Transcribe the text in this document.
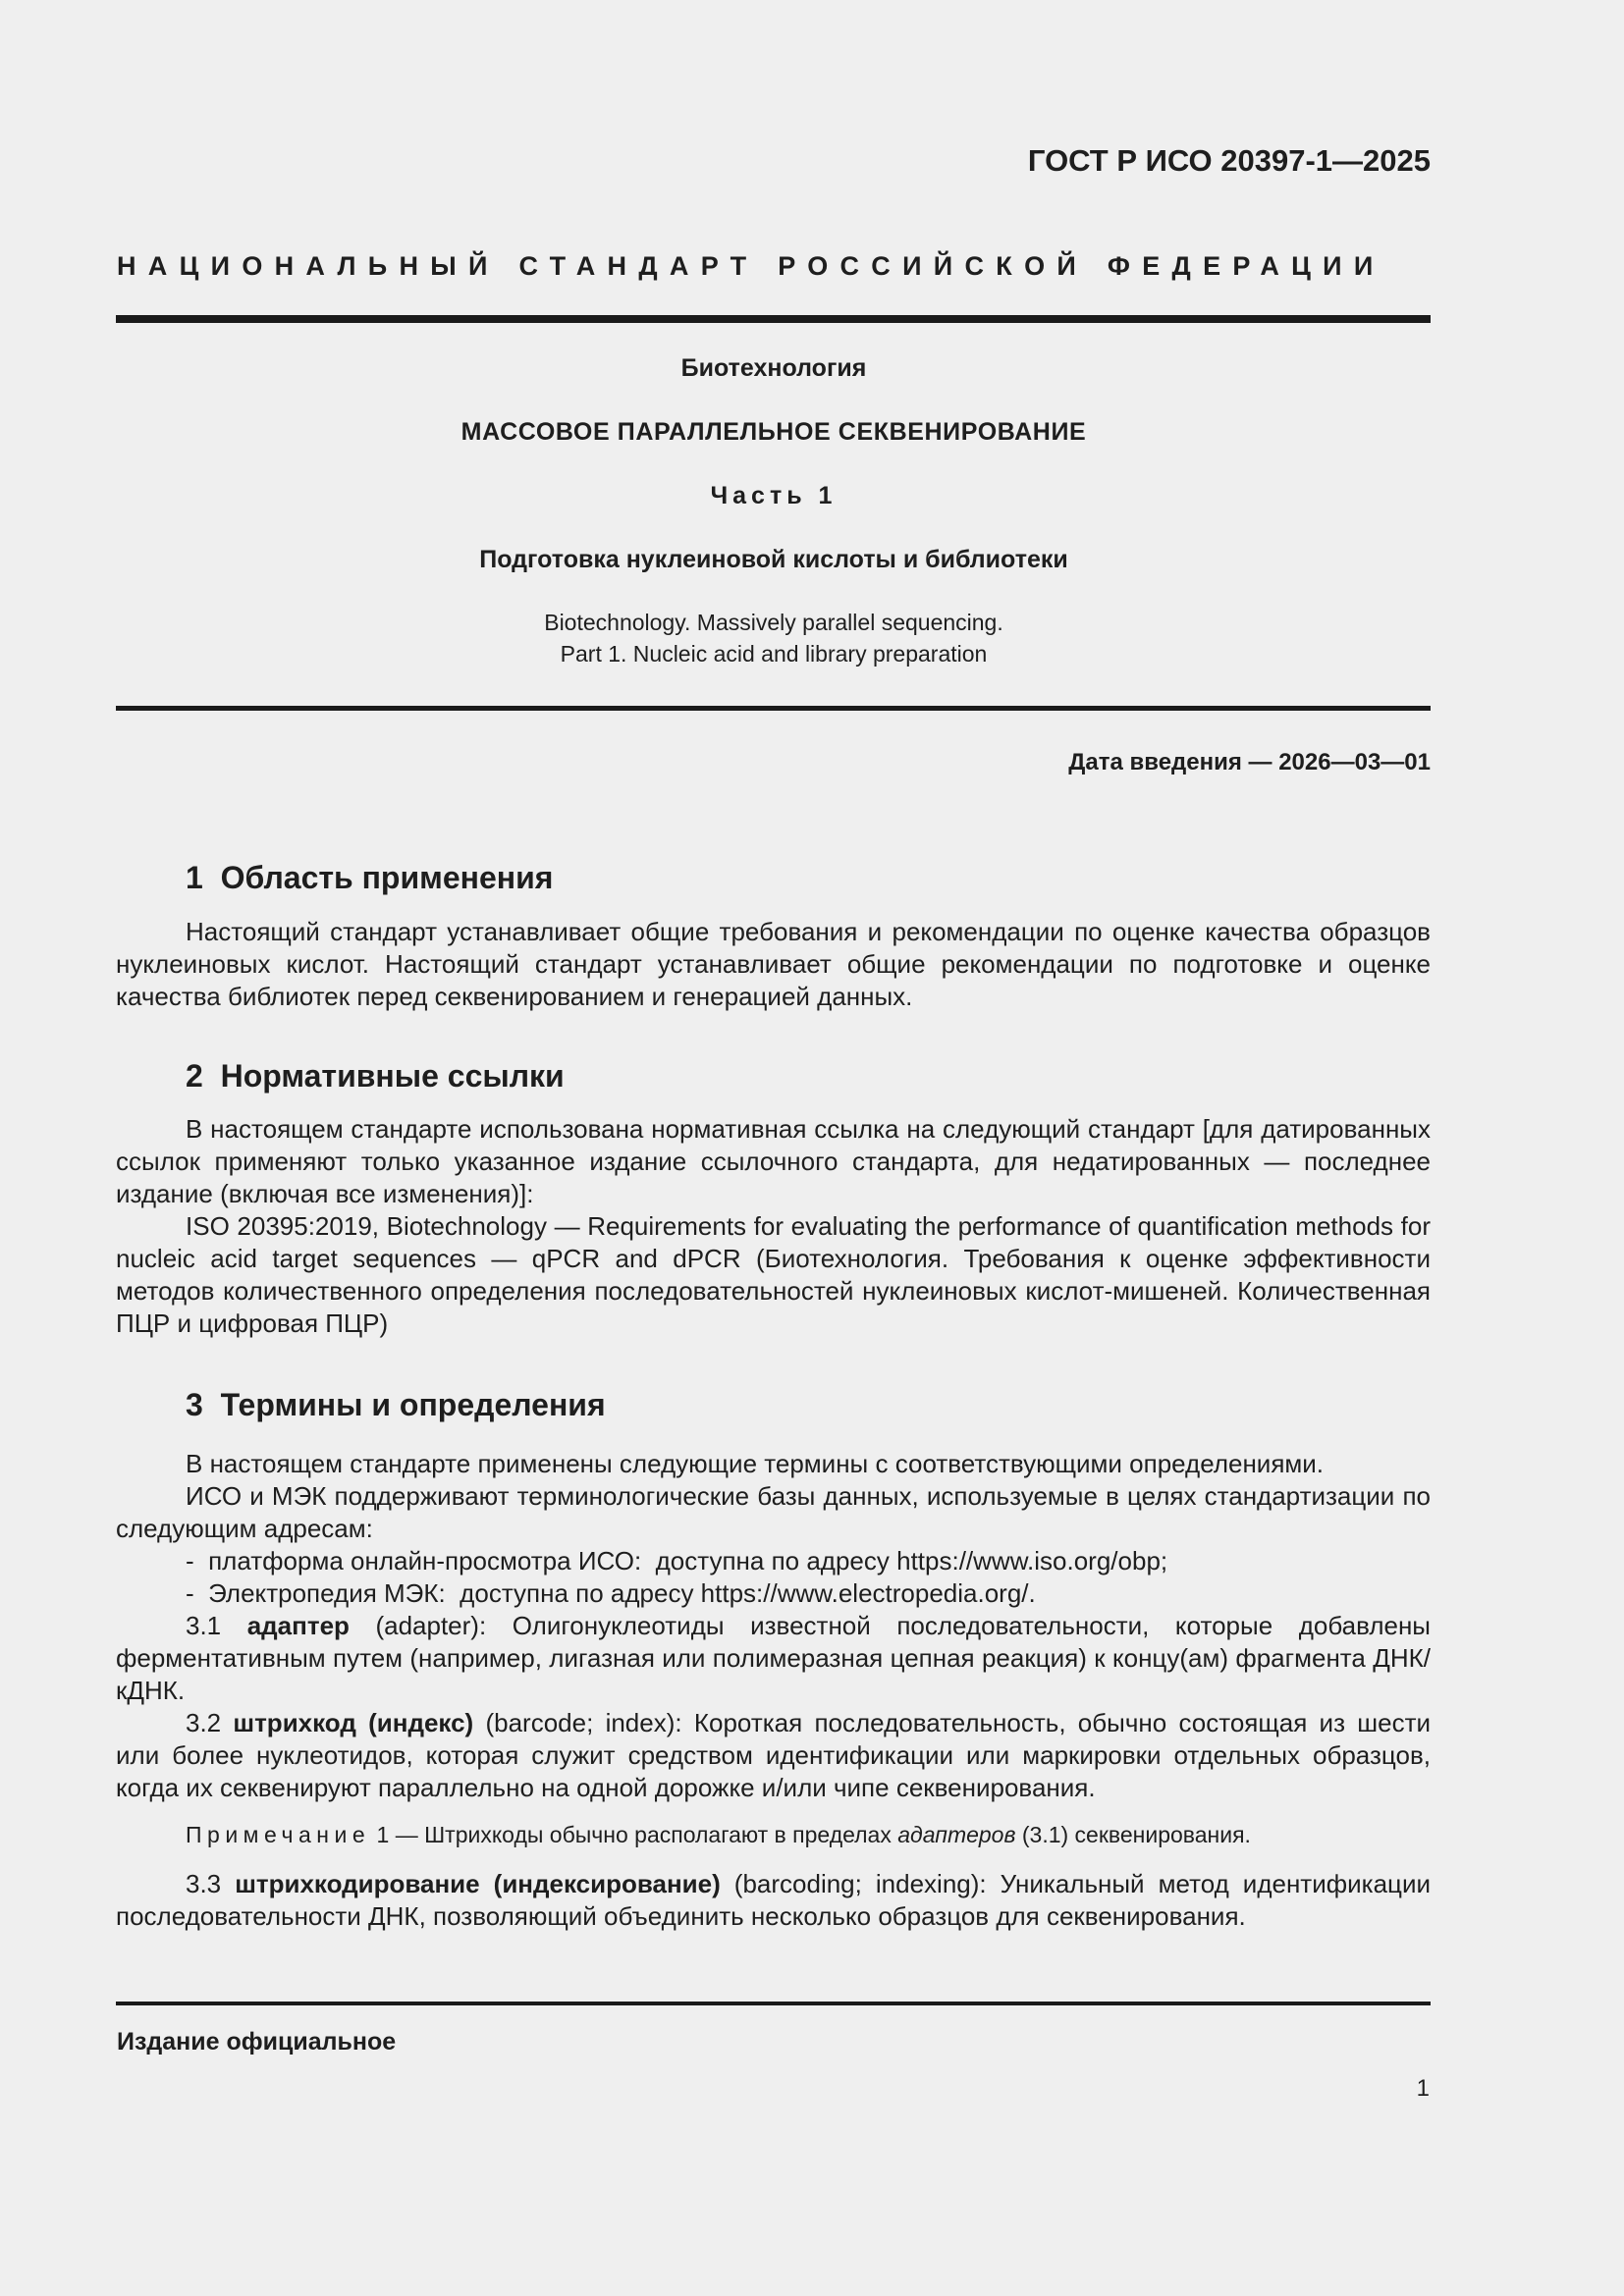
ГОСТ Р ИСО 20397-1—2025
НАЦИОНАЛЬНЫЙ СТАНДАРТ РОССИЙСКОЙ ФЕДЕРАЦИИ
Биотехнология
МАССОВОЕ ПАРАЛЛЕЛЬНОЕ СЕКВЕНИРОВАНИЕ
Часть 1
Подготовка нуклеиновой кислоты и библиотеки
Biotechnology. Massively parallel sequencing.
Part 1. Nucleic acid and library preparation
Дата введения — 2026—03—01
1  Область применения

Настоящий стандарт устанавливает общие требования и рекомендации по оценке качества образцов нуклеиновых кислот. Настоящий стандарт устанавливает общие рекомендации по подготовке и оценке качества библиотек перед секвенированием и генерацией данных.

2  Нормативные ссылки

В настоящем стандарте использована нормативная ссылка на следующий стандарт [для датированных ссылок применяют только указанное издание ссылочного стандарта, для недатированных — последнее издание (включая все изменения)]:

ISO 20395:2019, Biotechnology — Requirements for evaluating the performance of quantification methods for nucleic acid target sequences — qPCR and dPCR (Биотехнология. Требования к оценке эффективности методов количественного определения последовательностей нуклеиновых кислот-мишеней. Количественная ПЦР и цифровая ПЦР)

3  Термины и определения

В настоящем стандарте применены следующие термины с соответствующими определениями.

ИСО и МЭК поддерживают терминологические базы данных, используемые в целях стандартизации по следующим адресам:

-  платформа онлайн-просмотра ИСО:  доступна по адресу https://www.iso.org/obp;

-  Электропедия МЭК:  доступна по адресу https://www.electropedia.org/.

3.1 адаптер (adapter): Олигонуклеотиды известной последовательности, которые добавлены ферментативным путем (например, лигазная или полимеразная цепная реакция) к концу(ам) фрагмента ДНК/кДНК.

3.2 штрихкод (индекс) (barcode; index): Короткая последовательность, обычно состоящая из шести или более нуклеотидов, которая служит средством идентификации или маркировки отдельных образцов, когда их секвенируют параллельно на одной дорожке и/или чипе секвенирования.

Примечание 1 — Штрихкоды обычно располагают в пределах адаптеров (3.1) секвенирования.

3.3 штрихкодирование (индексирование) (barcoding; indexing): Уникальный метод идентификации последовательности ДНК, позволяющий объединить несколько образцов для секвенирования.

Издание официальное
1
